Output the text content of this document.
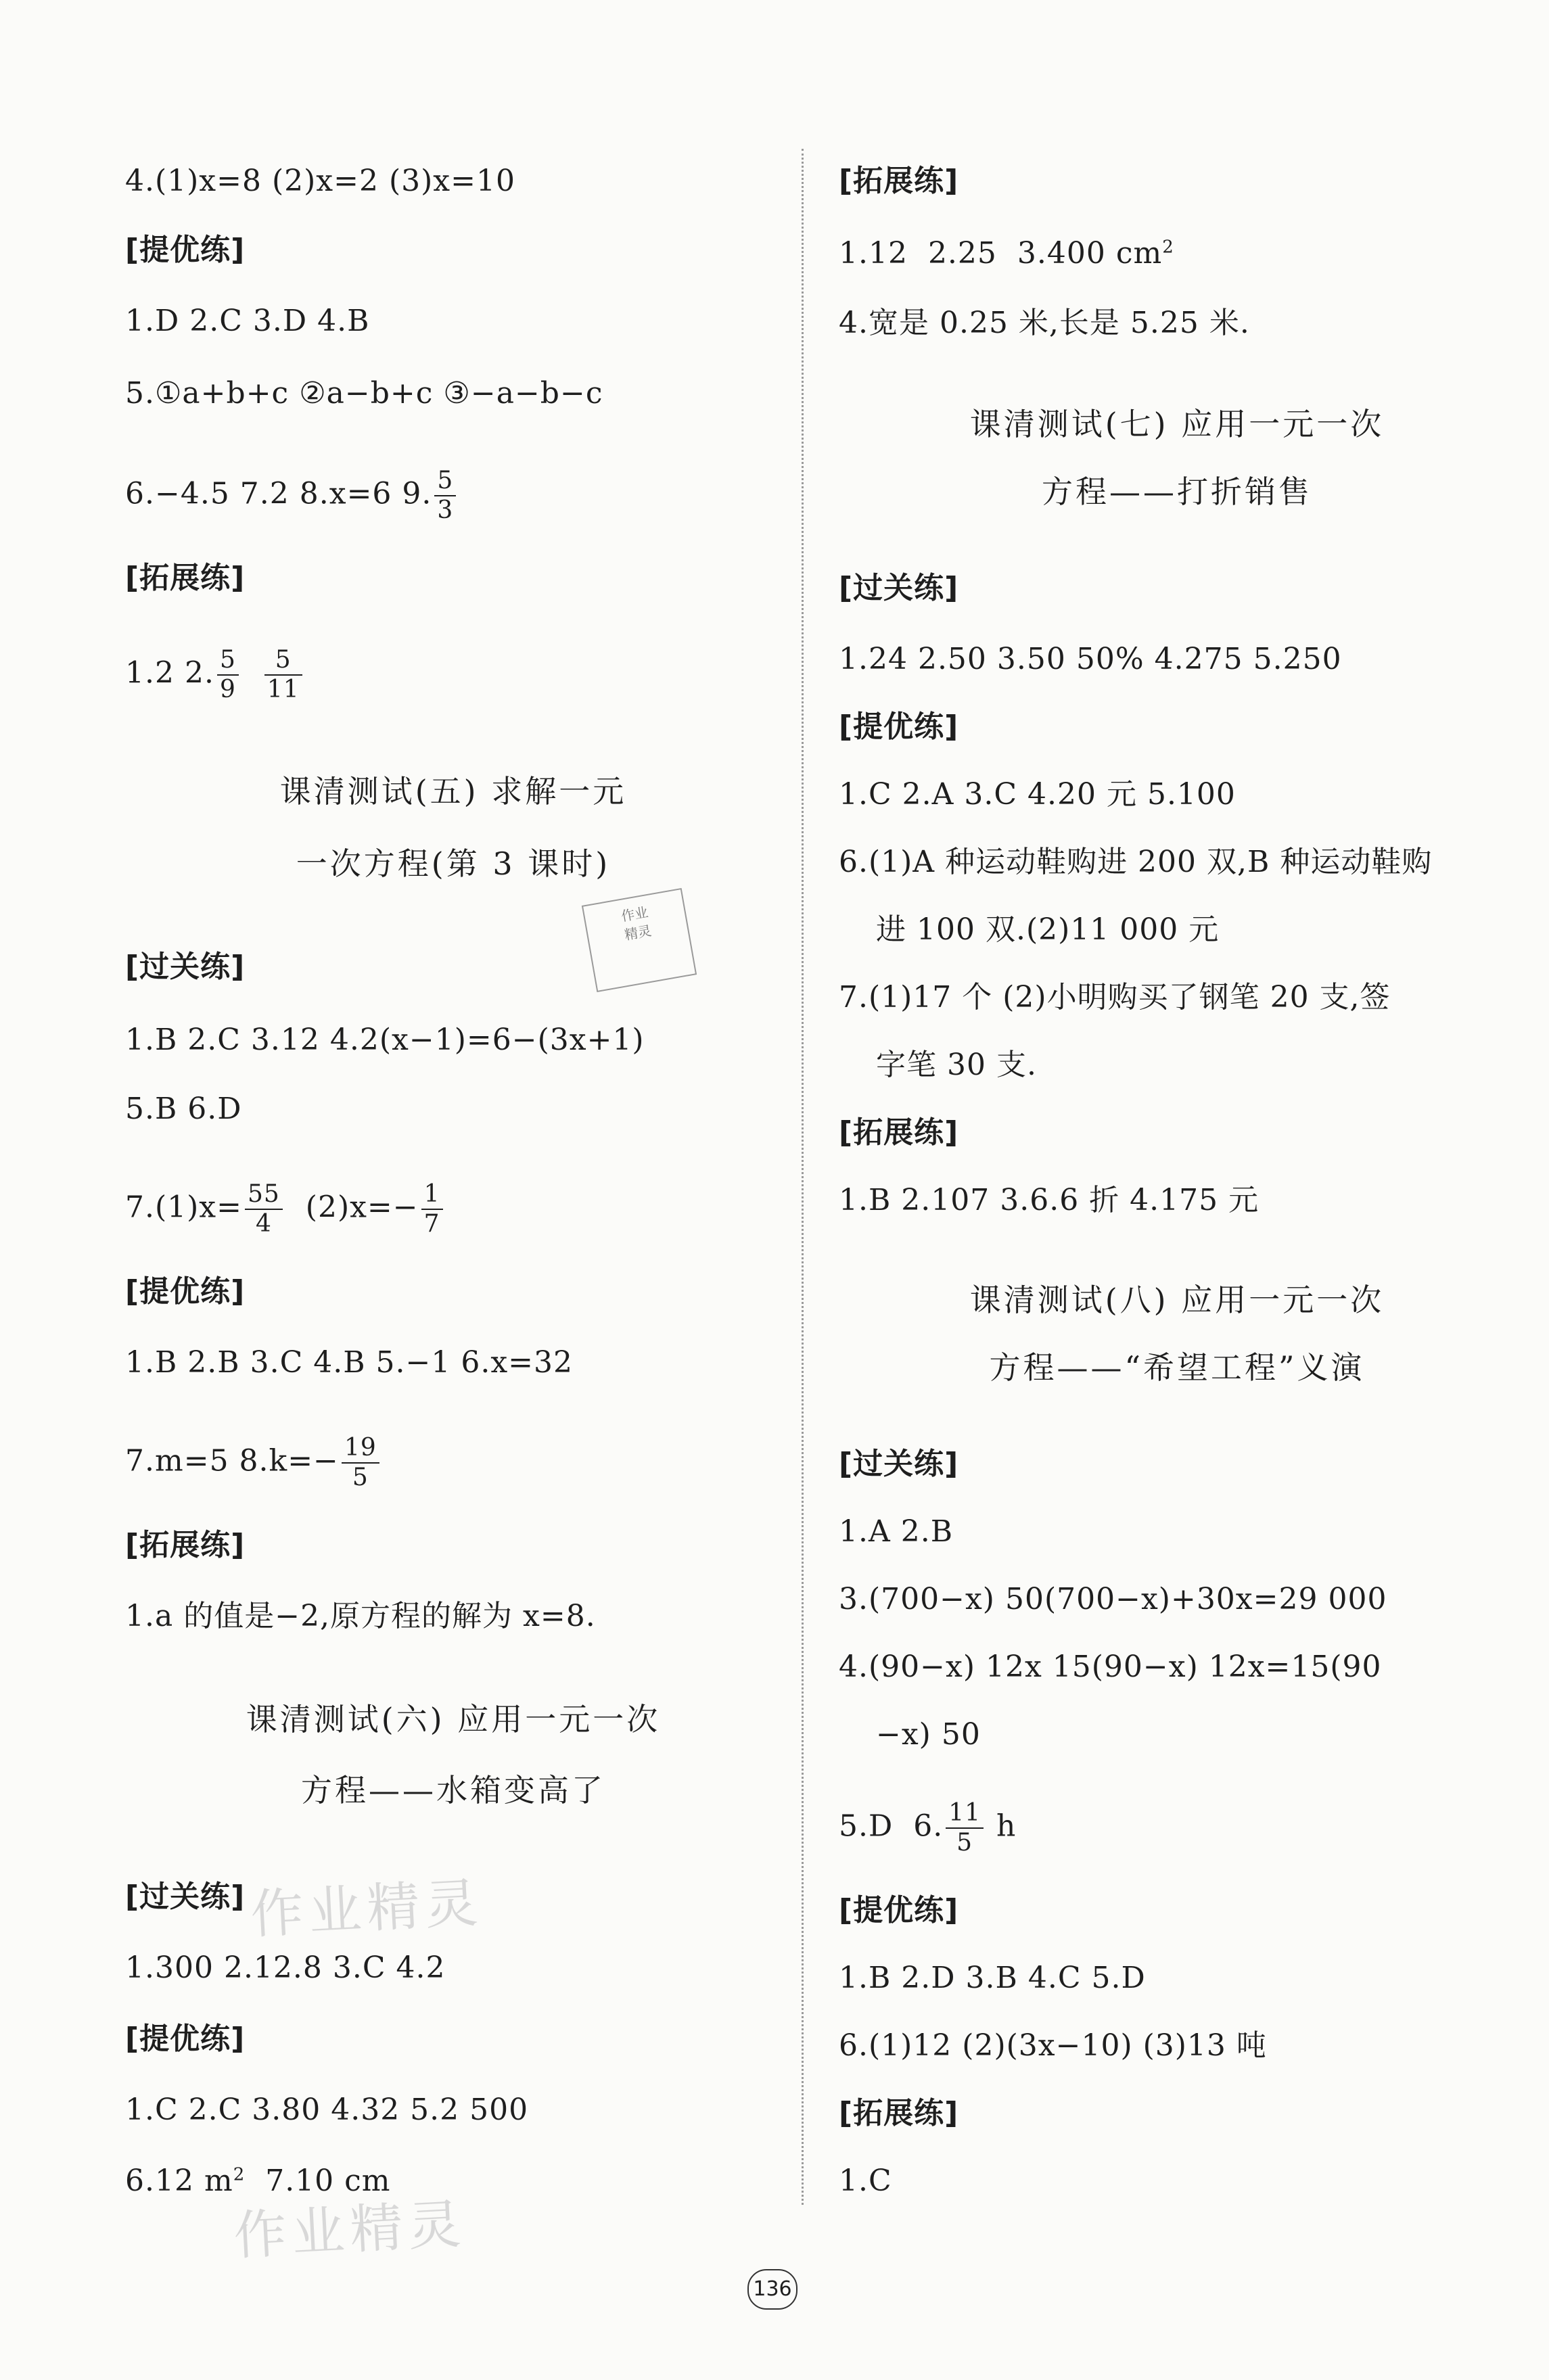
4.(1)x=8 (2)x=2 (3)x=10
[提优练]
1.D 2.C 3.D 4.B
5.①a+b+c ②a−b+c ③−a−b−c
6.−4.5 7.2 8.x=6 9. $\frac{5}{3}$
[拓展练]
1.2 2. $\frac{5}{9}$
$\frac{5}{11}$
课清测试(五) 求解一元
一次方程(第 3 课时)
[过关练]
1.B 2.C 3.12 4.2(x−1)=6−(3x+1)
5.B 6.D
$7.(1)x= \frac{55}{4} (2)x=- \frac{1}{7}$
[提优练]
1.B 2.B 3.C 4.B 5.−1 6.x=32
7.m=5 $8.k=- \frac{19}{5}$
[拓展练]
1.a 的值是−2,原方程的解为 x=8.
课清测试(六) 应用一元一次
方程——水箱变高了
[过关练]
1.300 2.12.8 3.C 4.2
[提优练]
1.C 2.C 3.80 4.32 5.2 500
6.12 $m^2$  7.10 cm
[拓展练]
1.12  2.25  3.400 $cm^2$
4.宽是 0.25 米,长是 5.25 米.
课清测试(七) 应用一元一次
方程——打折销售
[过关练]
1.24 2.50 3.50 50% 4.275 5.250
[提优练]
1.C 2.A 3.C 4.20 元 5.100
6.(1)A 种运动鞋购进 200 双,B 种运动鞋购
进 100 双.(2)11 000 元
7.(1)17 个 (2)小明购买了钢笔 20 支,签
字笔 30 支.
[拓展练]
1.B 2.107 3.6.6 折 4.175 元
课清测试(八) 应用一元一次
方程——“希望工程”义演
[过关练]
1.A 2.B
3.(700−x) 50(700−x)+30x=29 000
4.(90−x) 12x 15(90−x) 12x=15(90
−x) 50
5.D  6. $\frac{11}{5}$ h
[提优练]
1.B 2.D 3.B 4.C 5.D
6.(1)12 (2)(3x−10) (3)13 吨
[拓展练]
1.C
作业精灵
作业精灵
作业
精灵
136
